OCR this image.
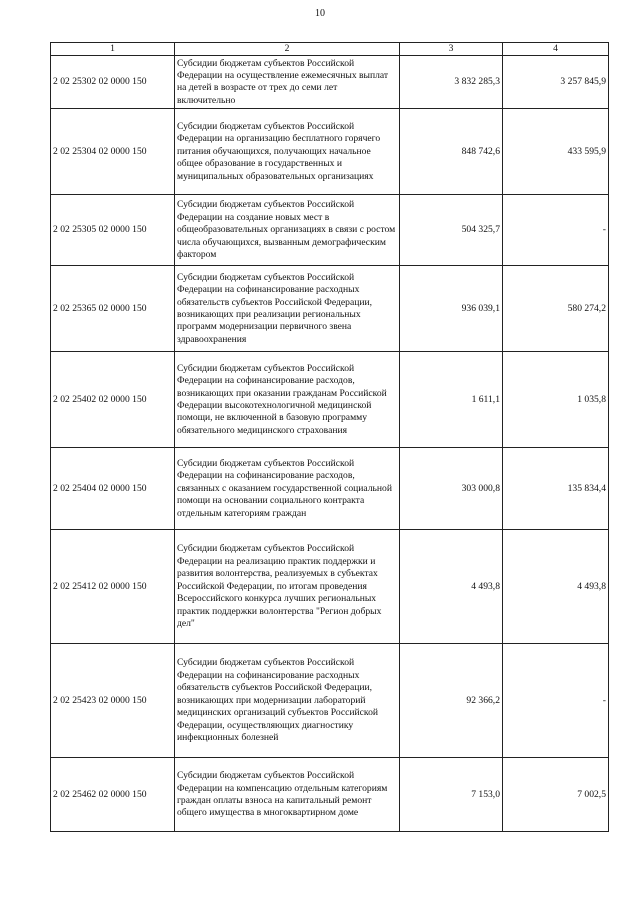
10
1	2	3	4
2 02 25302 02 0000 150	Субсидии бюджетам субъектов Российской Федерации на осуществление ежемесячных выплат на детей в возрасте от трех до семи лет включительно	3 832 285,3	3 257 845,9
2 02 25304 02 0000 150	Субсидии бюджетам субъектов Российской Федерации на организацию бесплатного горячего питания обучающихся, получающих начальное общее образование в государственных и муниципальных образовательных организациях	848 742,6	433 595,9
2 02 25305 02 0000 150	Субсидии бюджетам субъектов Российской Федерации на создание новых мест в общеобразовательных организациях в связи с ростом числа обучающихся, вызванным демографическим фактором	504 325,7	-
2 02 25365 02 0000 150	Субсидии бюджетам субъектов Российской Федерации на софинансирование расходных обязательств субъектов Российской Федерации, возникающих при реализации региональных программ модернизации первичного звена здравоохранения	936 039,1	580 274,2
2 02 25402 02 0000 150	Субсидии бюджетам субъектов Российской Федерации на софинансирование расходов, возникающих при оказании гражданам Российской Федерации высокотехнологичной медицинской помощи, не включенной в базовую программу обязательного медицинского страхования	1 611,1	1 035,8
2 02 25404 02 0000 150	Субсидии бюджетам субъектов Российской Федерации на софинансирование расходов, связанных с оказанием государственной социальной помощи на основании социального контракта отдельным категориям граждан	303 000,8	135 834,4
2 02 25412 02 0000 150	Субсидии бюджетам субъектов Российской Федерации на реализацию практик поддержки и развития волонтерства, реализуемых в субъектах Российской Федерации, по итогам проведения Всероссийского конкурса лучших региональных практик поддержки волонтерства "Регион добрых дел"	4 493,8	4 493,8
2 02 25423 02 0000 150	Субсидии бюджетам субъектов Российской Федерации на софинансирование расходных обязательств субъектов Российской Федерации, возникающих при модернизации лабораторий медицинских организаций субъектов Российской Федерации, осуществляющих диагностику инфекционных болезней	92 366,2	-
2 02 25462 02 0000 150	Субсидии бюджетам субъектов Российской Федерации на компенсацию отдельным категориям граждан оплаты взноса на капитальный ремонт общего имущества в многоквартирном доме	7 153,0	7 002,5
